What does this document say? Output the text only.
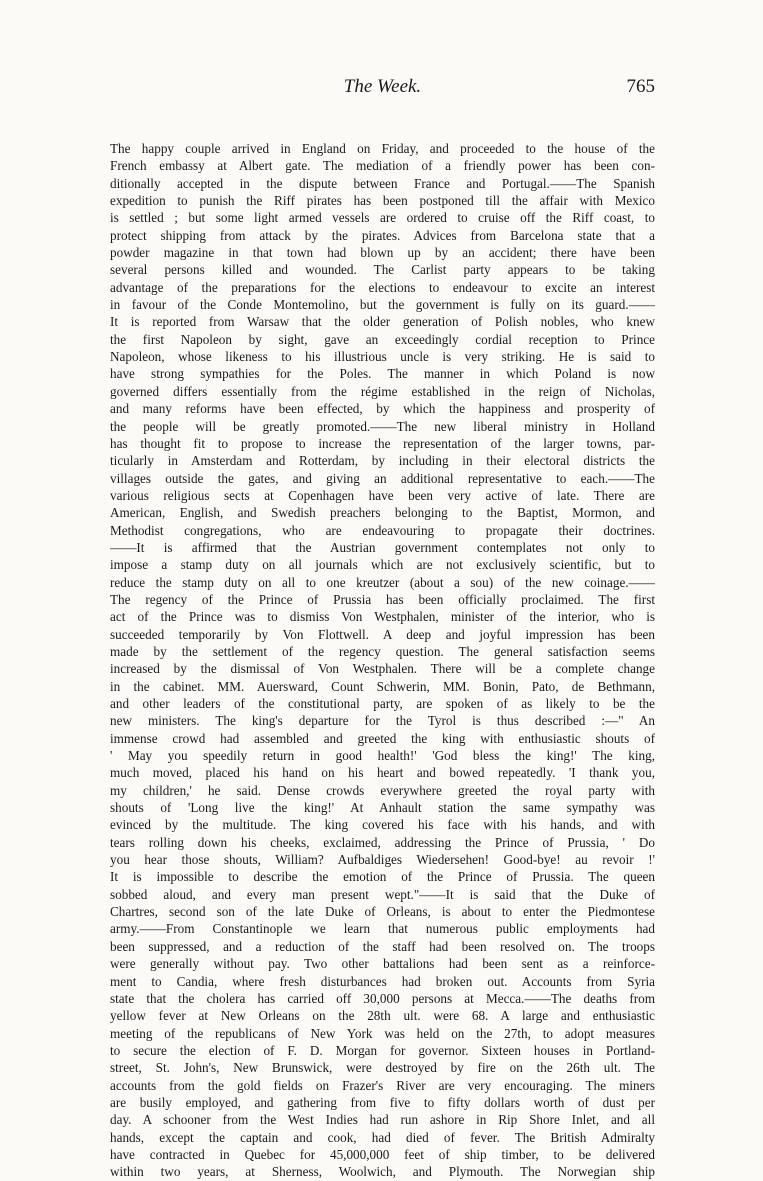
The Week.	765
The happy couple arrived in England on Friday, and proceeded to the house of the
French embassy at Albert gate. The mediation of a friendly power has been con-
ditionally accepted in the dispute between France and Portugal.——The Spanish
expedition to punish the Riff pirates has been postponed till the affair with Mexico
is settled ; but some light armed vessels are ordered to cruise off the Riff coast, to
protect shipping from attack by the pirates. Advices from Barcelona state that a
powder magazine in that town had blown up by an accident; there have been
several persons killed and wounded. The Carlist party appears to be taking
advantage of the preparations for the elections to endeavour to excite an interest
in favour of the Conde Montemolino, but the government is fully on its guard.——
It is reported from Warsaw that the older generation of Polish nobles, who knew
the first Napoleon by sight, gave an exceedingly cordial reception to Prince
Napoleon, whose likeness to his illustrious uncle is very striking. He is said to
have strong sympathies for the Poles. The manner in which Poland is now
governed differs essentially from the régime established in the reign of Nicholas,
and many reforms have been effected, by which the happiness and prosperity of
the people will be greatly promoted.——The new liberal ministry in Holland
has thought fit to propose to increase the representation of the larger towns, par-
ticularly in Amsterdam and Rotterdam, by including in their electoral districts the
villages outside the gates, and giving an additional representative to each.——The
various religious sects at Copenhagen have been very active of late. There are
American, English, and Swedish preachers belonging to the Baptist, Mormon, and
Methodist congregations, who are endeavouring to propagate their doctrines.
——It is affirmed that the Austrian government contemplates not only to
impose a stamp duty on all journals which are not exclusively scientific, but to
reduce the stamp duty on all to one kreutzer (about a sou) of the new coinage.——
The regency of the Prince of Prussia has been officially proclaimed. The first
act of the Prince was to dismiss Von Westphalen, minister of the interior, who is
succeeded temporarily by Von Flottwell. A deep and joyful impression has been
made by the settlement of the regency question. The general satisfaction seems
increased by the dismissal of Von Westphalen. There will be a complete change
in the cabinet. MM. Auersward, Count Schwerin, MM. Bonin, Pato, de Bethmann,
and other leaders of the constitutional party, are spoken of as likely to be the
new ministers. The king's departure for the Tyrol is thus described :—" An
immense crowd had assembled and greeted the king with enthusiastic shouts of
' May you speedily return in good health!' 'God bless the king!' The king,
much moved, placed his hand on his heart and bowed repeatedly. 'I thank you,
my children,' he said. Dense crowds everywhere greeted the royal party with
shouts of 'Long live the king!' At Anhault station the same sympathy was
evinced by the multitude. The king covered his face with his hands, and with
tears rolling down his cheeks, exclaimed, addressing the Prince of Prussia, ' Do
you hear those shouts, William? Aufbaldiges Wiedersehen! Good-bye! au revoir !'
It is impossible to describe the emotion of the Prince of Prussia. The queen
sobbed aloud, and every man present wept."——It is said that the Duke of
Chartres, second son of the late Duke of Orleans, is about to enter the Piedmontese
army.——From Constantinople we learn that numerous public employments had
been suppressed, and a reduction of the staff had been resolved on. The troops
were generally without pay. Two other battalions had been sent as a reinforce-
ment to Candia, where fresh disturbances had broken out. Accounts from Syria
state that the cholera has carried off 30,000 persons at Mecca.——The deaths from
yellow fever at New Orleans on the 28th ult. were 68. A large and enthusiastic
meeting of the republicans of New York was held on the 27th, to adopt measures
to secure the election of F. D. Morgan for governor. Sixteen houses in Portland-
street, St. John's, New Brunswick, were destroyed by fire on the 26th ult. The
accounts from the gold fields on Frazer's River are very encouraging. The miners
are busily employed, and gathering from five to fifty dollars worth of dust per
day. A schooner from the West Indies had run ashore in Rip Shore Inlet, and all
hands, except the captain and cook, had died of fever. The British Admiralty
have contracted in Quebec for 45,000,000 feet of ship timber, to be delivered
within two years, at Sherness, Woolwich, and Plymouth. The Norwegian ship
